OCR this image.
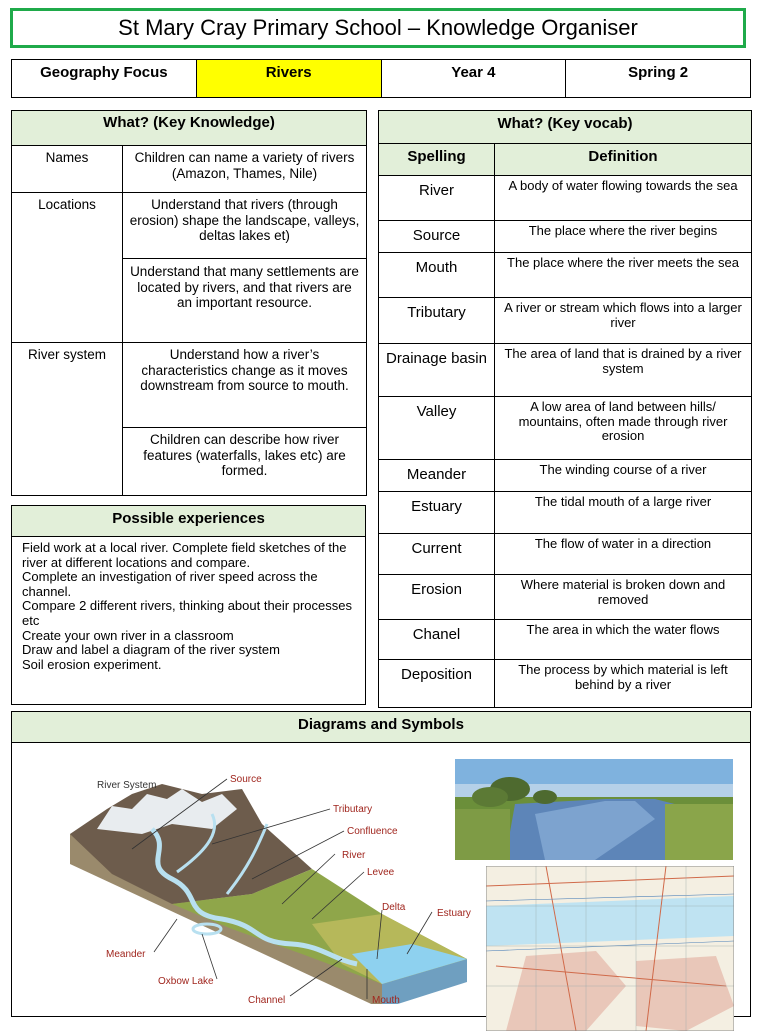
St Mary Cray Primary School – Knowledge Organiser
Geography Focus	Rivers	Year 4	Spring 2
What? (Key Knowledge)	
Names	Children can name a variety of rivers (Amazon, Thames, Nile)
Locations	Understand that rivers (through erosion) shape the landscape, valleys, deltas lakes et)
	Understand that many settlements are located by rivers, and that rivers are an important resource.
River system	Understand how a river’s characteristics change as it moves downstream from source to mouth.
	Children can describe how river features (waterfalls, lakes etc) are formed.
What? (Key vocab)	
Spelling	Definition
River	A body of water flowing towards the sea
Source	The place where the river begins
Mouth	The place where the river meets the sea
Tributary	A river or stream which flows into a larger river
Drainage basin	The area of land that is drained by a river system
Valley	A low area of land between hills/ mountains, often made through river erosion
Meander	The winding course of a river
Estuary	The tidal mouth of a large river
Current	The flow of water in a direction
Erosion	Where material is broken down and removed
Chanel	The area in which the water flows
Deposition	The process by which material is left behind by a river
Possible experiences
Field work at a local river. Complete field sketches of the river at different locations and compare.
Complete an investigation of river speed across the channel.
Compare 2 different rivers, thinking about their processes etc
Create your own river in a classroom
Draw and label a diagram of the river system
Soil erosion experiment.
Diagrams and Symbols
River System
Source
Tributary
Confluence
River
Levee
Delta
Estuary
Meander
Oxbow Lake
Channel	Mouth
